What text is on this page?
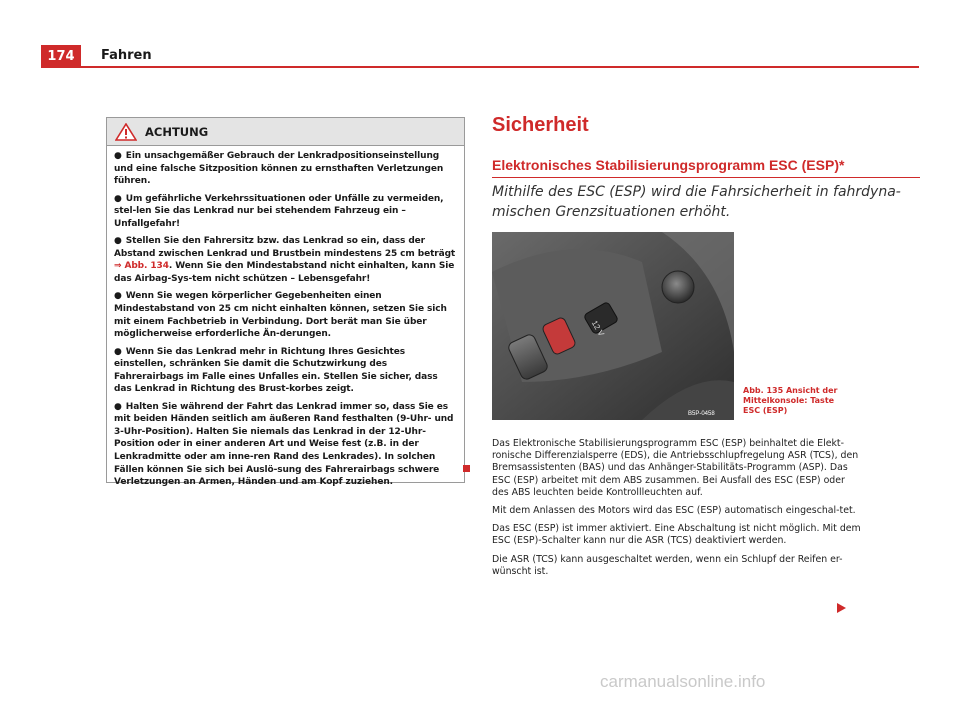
174	Fahren
ACHTUNG

● Ein unsachgemäßer Gebrauch der Lenkradpositionseinstellung und eine falsche Sitzposition können zu ernsthaften Verletzungen führen.

● Um gefährliche Verkehrssituationen oder Unfälle zu vermeiden, stel-len Sie das Lenkrad nur bei stehendem Fahrzeug ein – Unfallgefahr!

● Stellen Sie den Fahrersitz bzw. das Lenkrad so ein, dass der Abstand zwischen Lenkrad und Brustbein mindestens 25 cm beträgt ⇒ Abb. 134. Wenn Sie den Mindestabstand nicht einhalten, kann Sie das Airbag-Sys-tem nicht schützen – Lebensgefahr!

● Wenn Sie wegen körperlicher Gegebenheiten einen Mindestabstand von 25 cm nicht einhalten können, setzen Sie sich mit einem Fachbetrieb in Verbindung. Dort berät man Sie über möglicherweise erforderliche Än-derungen.

● Wenn Sie das Lenkrad mehr in Richtung Ihres Gesichtes einstellen, schränken Sie damit die Schutzwirkung des Fahrerairbags im Falle eines Unfalles ein. Stellen Sie sicher, dass das Lenkrad in Richtung des Brust-korbes zeigt.

● Halten Sie während der Fahrt das Lenkrad immer so, dass Sie es mit beiden Händen seitlich am äußeren Rand festhalten (9-Uhr- und 3-Uhr-Position). Halten Sie niemals das Lenkrad in der 12-Uhr-Position oder in einer anderen Art und Weise fest (z.B. in der Lenkradmitte oder am inne-ren Rand des Lenkrades). In solchen Fällen können Sie sich bei Auslö-sung des Fahrerairbags schwere Verletzungen an Armen, Händen und am Kopf zuziehen.

Sicherheit
Elektronisches Stabilisierungsprogramm ESC (ESP)*
Mithilfe des ESC (ESP) wird die Fahrsicherheit in fahrdyna-mischen Grenzsituationen erhöht.
12 V
B5P-0458
Abb. 135 Ansicht der Mittelkonsole: Taste ESC (ESP)

Das Elektronische Stabilisierungsprogramm ESC (ESP) beinhaltet die Elekt-ronische Differenzialsperre (EDS), die Antriebsschlupfregelung ASR (TCS), den Bremsassistenten (BAS) und das Anhänger-Stabilitäts-Programm (ASP). Das ESC (ESP) arbeitet mit dem ABS zusammen. Bei Ausfall des ESC (ESP) oder des ABS leuchten beide Kontrollleuchten auf.

Mit dem Anlassen des Motors wird das ESC (ESP) automatisch eingeschal-tet.

Das ESC (ESP) ist immer aktiviert. Eine Abschaltung ist nicht möglich. Mit dem ESC (ESP)-Schalter kann nur die ASR (TCS) deaktiviert werden.

Die ASR (TCS) kann ausgeschaltet werden, wenn ein Schlupf der Reifen er-wünscht ist.

carmanualsonline.info
